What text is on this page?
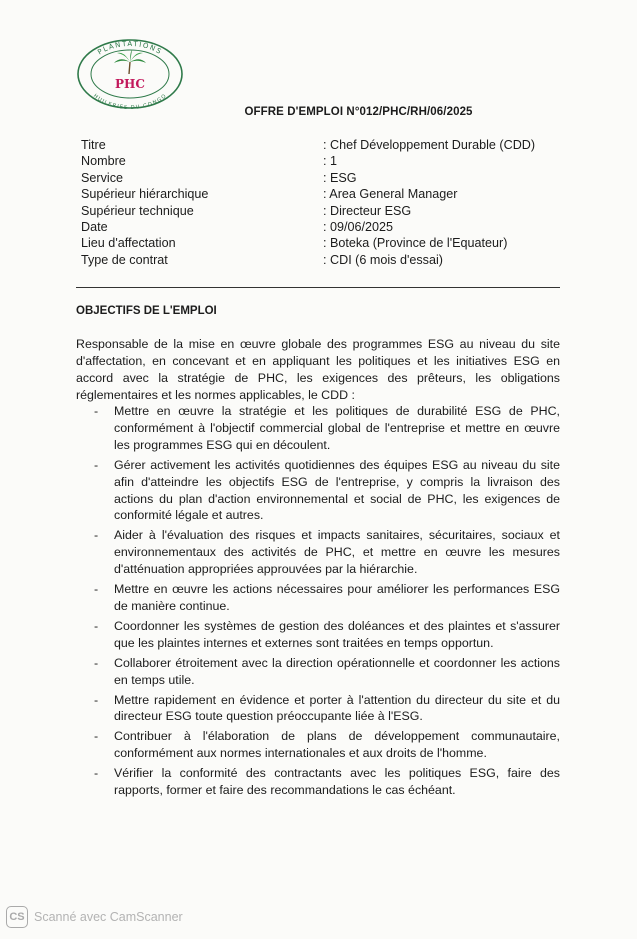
PLANTATIONS
HUILERIES DU CONGO
PHC
OFFRE D'EMPLOI N°012/PHC/RH/06/2025
Titre	: Chef Développement Durable (CDD)
Nombre	: 1
Service	: ESG
Supérieur hiérarchique	: Area General Manager
Supérieur technique	: Directeur ESG
Date	: 09/06/2025
Lieu d'affectation	: Boteka (Province de l'Equateur)
Type de contrat	: CDI (6 mois d'essai)
OBJECTIFS DE L'EMPLOI
Responsable de la mise en œuvre globale des programmes ESG au niveau du site d'affectation, en concevant et en appliquant les politiques et les initiatives ESG en accord avec la stratégie de PHC, les exigences des prêteurs, les obligations réglementaires et les normes applicables, le CDD :
- Mettre en œuvre la stratégie et les politiques de durabilité ESG de PHC, conformément à l'objectif commercial global de l'entreprise et mettre en œuvre les programmes ESG qui en découlent.
- Gérer activement les activités quotidiennes des équipes ESG au niveau du site afin d'atteindre les objectifs ESG de l'entreprise, y compris la livraison des actions du plan d'action environnemental et social de PHC, les exigences de conformité légale et autres.
- Aider à l'évaluation des risques et impacts sanitaires, sécuritaires, sociaux et environnementaux des activités de PHC, et mettre en œuvre les mesures d'atténuation appropriées approuvées par la hiérarchie.
- Mettre en œuvre les actions nécessaires pour améliorer les performances ESG de manière continue.
- Coordonner les systèmes de gestion des doléances et des plaintes et s'assurer que les plaintes internes et externes sont traitées en temps opportun.
- Collaborer étroitement avec la direction opérationnelle et coordonner les actions en temps utile.
- Mettre rapidement en évidence et porter à l'attention du directeur du site et du directeur ESG toute question préoccupante liée à l'ESG.
- Contribuer à l'élaboration de plans de développement communautaire, conformément aux normes internationales et aux droits de l'homme.
- Vérifier la conformité des contractants avec les politiques ESG, faire des rapports, former et faire des recommandations le cas échéant.
CS Scanné avec CamScanner
